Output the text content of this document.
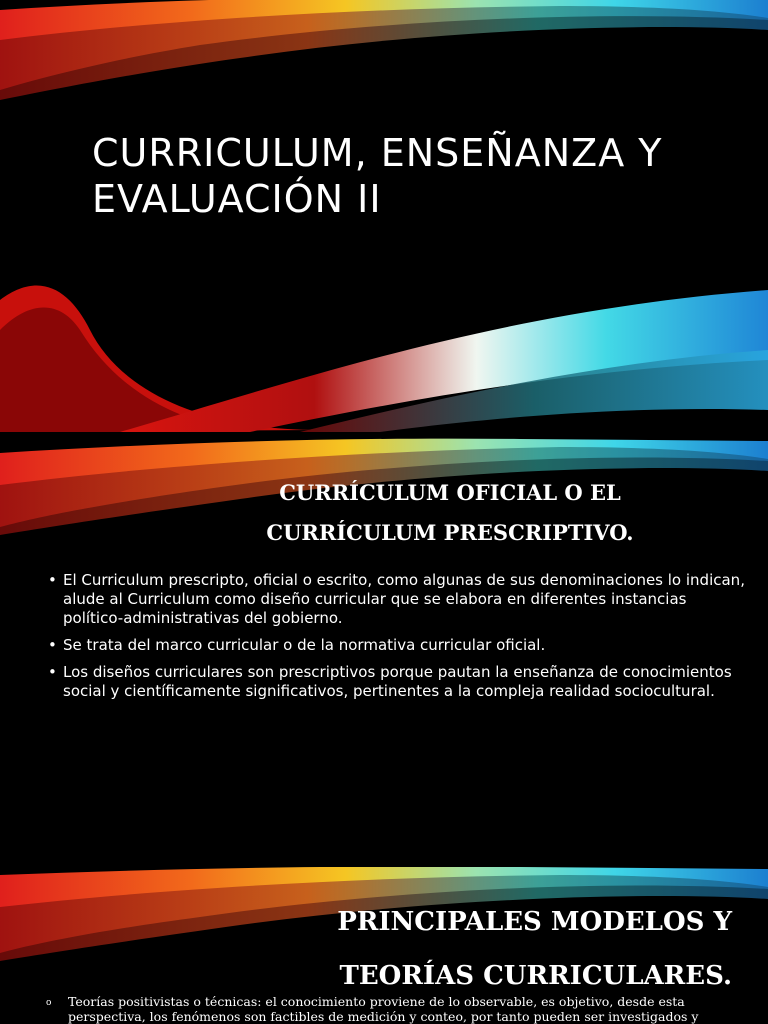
CURRICULUM, ENSEÑANZA Y EVALUACIÓN II
CURRÍCULUM OFICIAL O EL CURRÍCULUM PRESCRIPTIVO.
• El Curriculum prescripto, oficial o escrito, como algunas de sus denominaciones lo indican, alude al Curriculum como diseño curricular que se elabora en diferentes instancias político-administrativas del gobierno.
• Se trata del marco curricular o de la normativa curricular oficial.
• Los diseños curriculares son prescriptivos porque pautan la enseñanza de conocimientos social y científicamente significativos, pertinentes a la compleja realidad sociocultural.
PRINCIPALES MODELOS Y TEORÍAS CURRICULARES.
o Teorías positivistas o técnicas: el conocimiento proviene de lo observable, es objetivo, desde esta perspectiva, los fenómenos son factibles de medición y conteo, por tanto pueden ser investigados y
